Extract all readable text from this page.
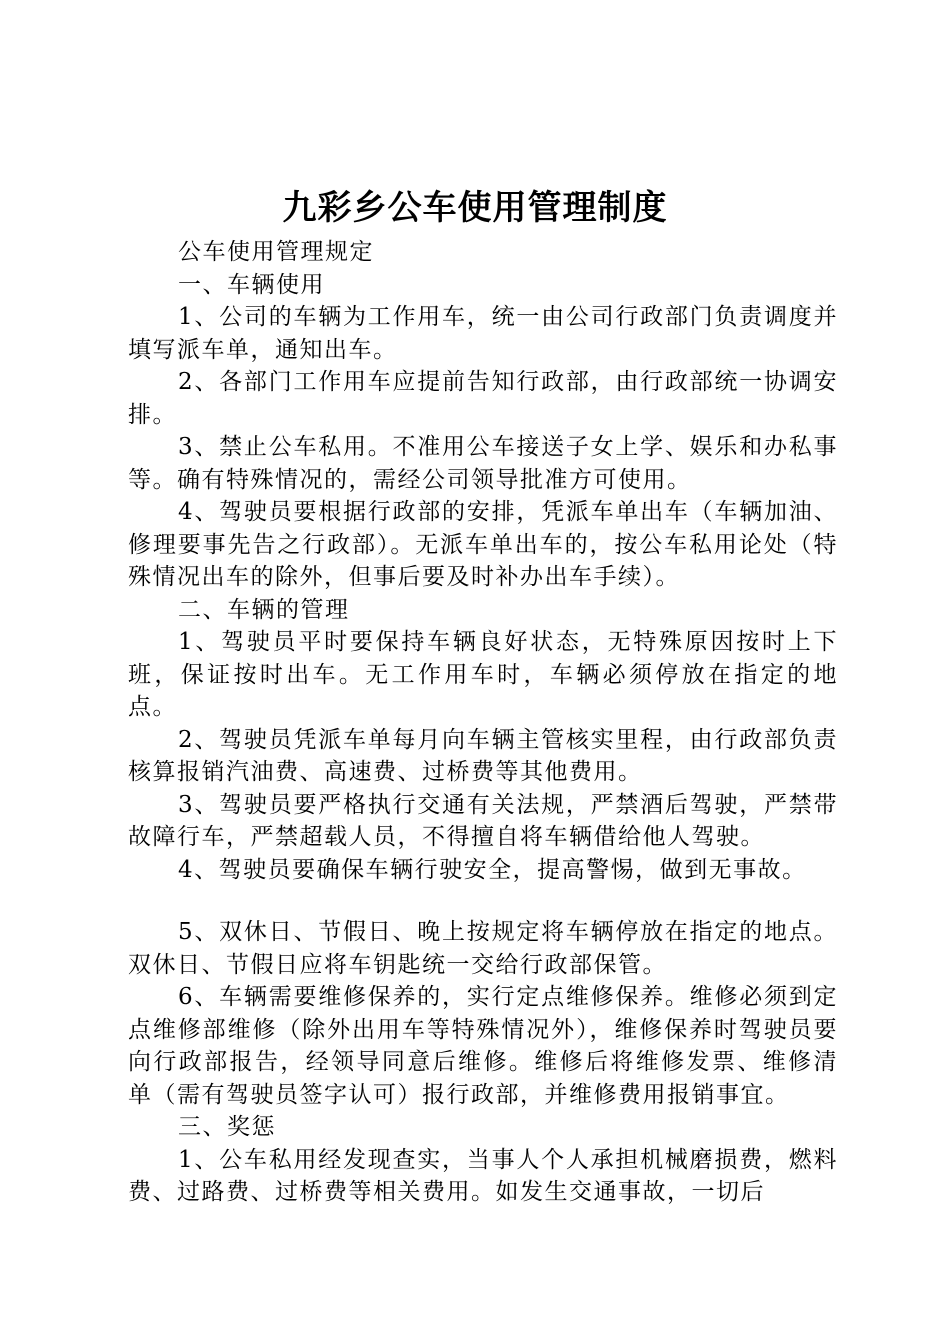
九彩乡公车使用管理制度

公车使用管理规定

一、车辆使用

1、公司的车辆为工作用车，统一由公司行政部门负责调度并填写派车单，通知出车。

2、各部门工作用车应提前告知行政部，由行政部统一协调安排。

3、禁止公车私用。不准用公车接送子女上学、娱乐和办私事等。确有特殊情况的，需经公司领导批准方可使用。

4、驾驶员要根据行政部的安排，凭派车单出车（车辆加油、修理要事先告之行政部）。无派车单出车的，按公车私用论处（特殊情况出车的除外，但事后要及时补办出车手续）。

二、车辆的管理

1、驾驶员平时要保持车辆良好状态，无特殊原因按时上下班，保证按时出车。无工作用车时，车辆必须停放在指定的地点。

2、驾驶员凭派车单每月向车辆主管核实里程，由行政部负责核算报销汽油费、高速费、过桥费等其他费用。

3、驾驶员要严格执行交通有关法规，严禁酒后驾驶，严禁带故障行车，严禁超载人员，不得擅自将车辆借给他人驾驶。

4、驾驶员要确保车辆行驶安全，提高警惕，做到无事故。

5、双休日、节假日、晚上按规定将车辆停放在指定的地点。双休日、节假日应将车钥匙统一交给行政部保管。

6、车辆需要维修保养的，实行定点维修保养。维修必须到定点维修部维修（除外出用车等特殊情况外），维修保养时驾驶员要向行政部报告，经领导同意后维修。维修后将维修发票、维修清单（需有驾驶员签字认可）报行政部，并维修费用报销事宜。

三、奖惩

1、公车私用经发现查实，当事人个人承担机械磨损费，燃料费、过路费、过桥费等相关费用。如发生交通事故，一切后
